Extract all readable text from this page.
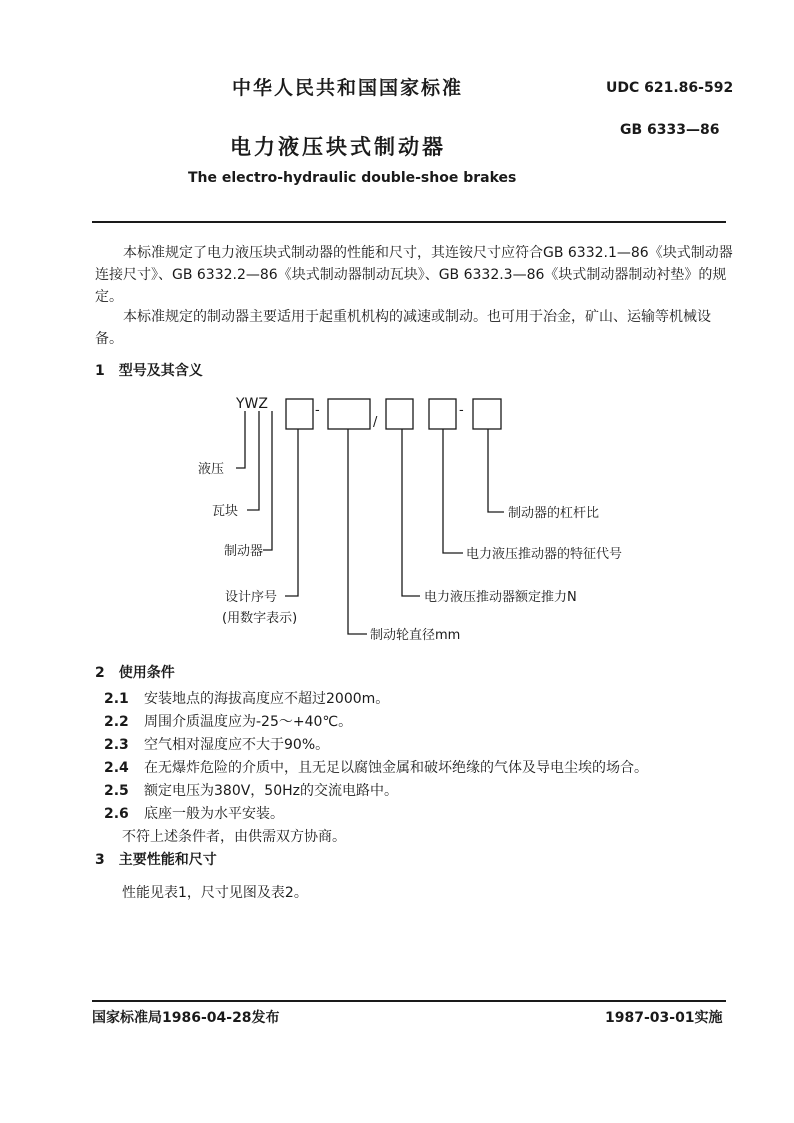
中华人民共和国国家标准	UDC 621.86-592
GB 6333—86
电力液压块式制动器
The electro-hydraulic double-shoe brakes
本标准规定了电力液压块式制动器的性能和尺寸，其连铵尺寸应符合GB 6332.1—86《块式制动器连接尺寸》、GB 6332.2—86《块式制动器制动瓦块》、GB 6332.3—86《块式制动器制动衬垫》的规定。
本标准规定的制动器主要适用于起重机机构的减速或制动。也可用于冶金，矿山、运输等机械设备。
1　型号及其含义
YWZ	-
/
-
液压
瓦块
制动器
设计序号
(用数字表示)
制动轮直径mm
电力液压推动器额定推力N
电力液压推动器的特征代号
制动器的杠杆比
2　使用条件
2.1 安装地点的海拔高度应不超过2000m。
2.2 周围介质温度应为-25～+40℃。
2.3 空气相对湿度应不大于90%。
2.4 在无爆炸危险的介质中，且无足以腐蚀金属和破坏绝缘的气体及导电尘埃的场合。
2.5 额定电压为380V，50Hz的交流电路中。
2.6 底座一般为水平安装。
不符上述条件者，由供需双方协商。
3　主要性能和尺寸
性能见表1，尺寸见图及表2。
国家标准局1986-04-28发布	1987-03-01实施
